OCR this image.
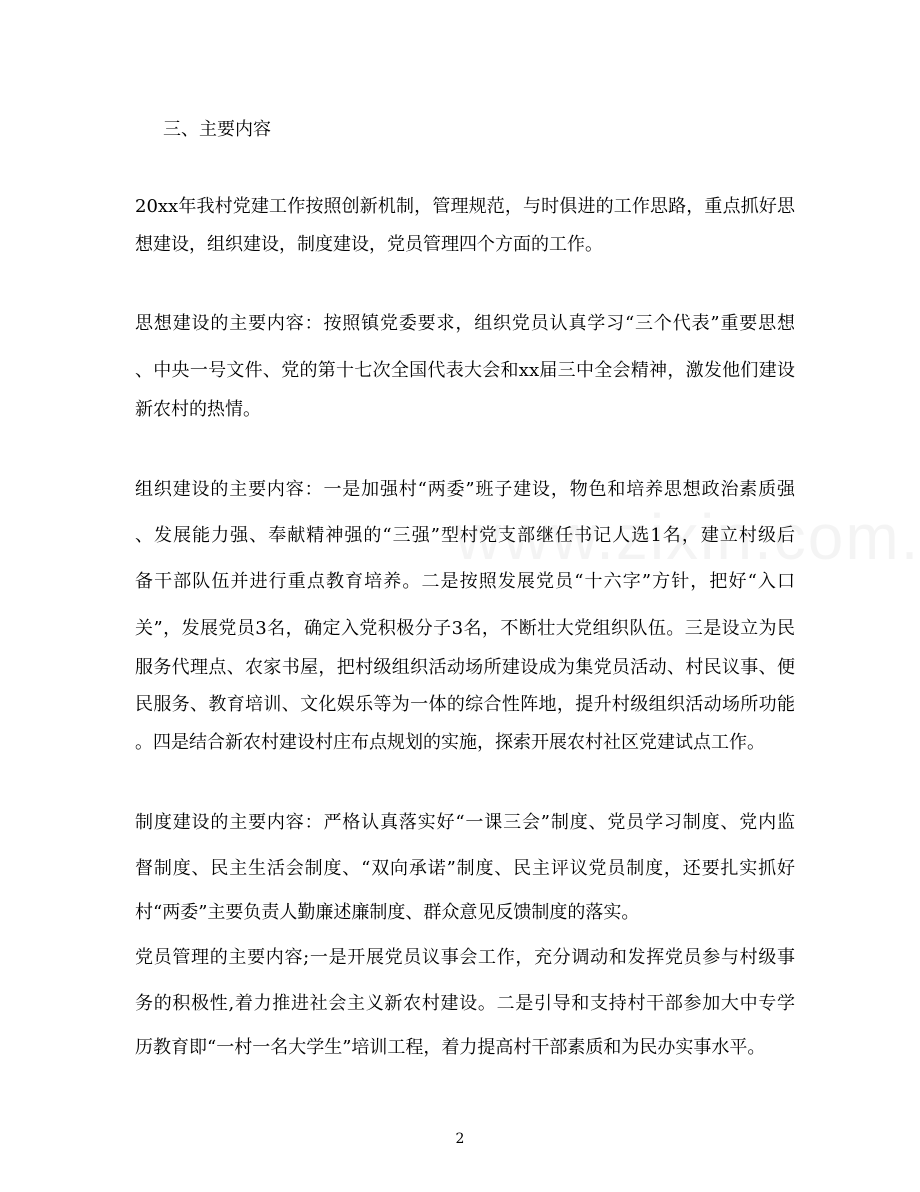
三、主要内容
20xx年我村党建工作按照创新机制，管理规范，与时俱进的工作思路，重点抓好思
想建设，组织建设，制度建设，党员管理四个方面的工作。
思想建设的主要内容：按照镇党委要求，组织党员认真学习“三个代表”重要思想
、中央一号文件、党的第十七次全国代表大会和xx届三中全会精神，激发他们建设
新农村的热情。
组织建设的主要内容：一是加强村“两委”班子建设，物色和培养思想政治素质强
、发展能力强、奉献精神强的“三强”型村党支部继任书记人选1名，建立村级后
备干部队伍并进行重点教育培养。二是按照发展党员“十六字”方针，把好“入口
关”，发展党员3名，确定入党积极分子3名，不断壮大党组织队伍。三是设立为民
服务代理点、农家书屋，把村级组织活动场所建设成为集党员活动、村民议事、便
民服务、教育培训、文化娱乐等为一体的综合性阵地，提升村级组织活动场所功能
。四是结合新农村建设村庄布点规划的实施，探索开展农村社区党建试点工作。
制度建设的主要内容：严格认真落实好“一课三会”制度、党员学习制度、党内监
督制度、民主生活会制度、“双向承诺”制度、民主评议党员制度，还要扎实抓好
村“两委”主要负责人勤廉述廉制度、群众意见反馈制度的落实。
党员管理的主要内容;一是开展党员议事会工作，充分调动和发挥党员参与村级事
务的积极性,着力推进社会主义新农村建设。二是引导和支持村干部参加大中专学
历教育即“一村一名大学生”培训工程，着力提高村干部素质和为民办实事水平。
2
